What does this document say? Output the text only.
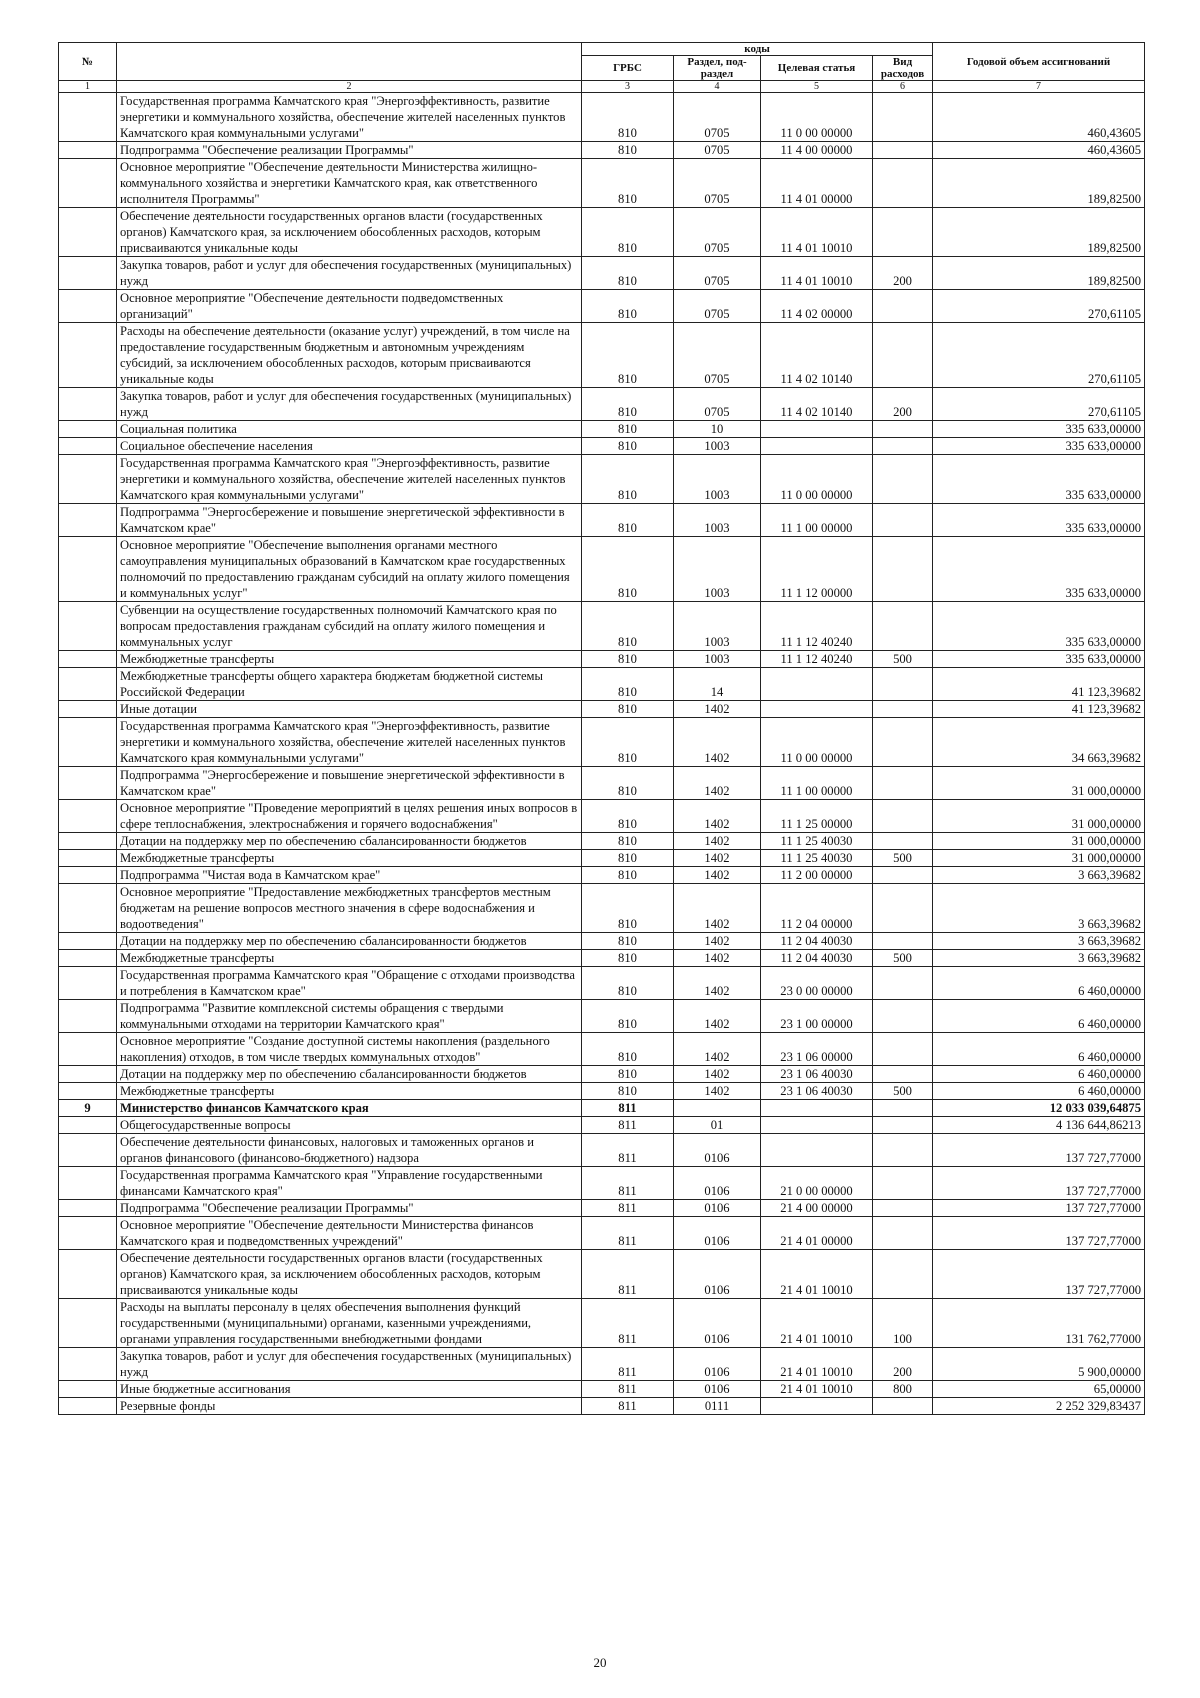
№		коды				Годовой объем ассигнований
		ГРБС	Раздел, под-раздел	Целевая статья	Вид расходов	
1	2	3	4	5	6	7
	Государственная программа Камчатского края "Энергоэффективность, развитие энергетики и коммунального хозяйства, обеспечение жителей населенных пунктов Камчатского края коммунальными услугами"	810	0705	11 0 00 00000		460,43605
	Подпрограмма "Обеспечение реализации Программы"	810	0705	11 4 00 00000		460,43605
	Основное мероприятие "Обеспечение деятельности Министерства жилищно-коммунального хозяйства и энергетики Камчатского края, как ответственного исполнителя Программы"	810	0705	11 4 01 00000		189,82500
	Обеспечение деятельности государственных органов власти (государственных органов) Камчатского края, за исключением обособленных расходов, которым присваиваются уникальные коды	810	0705	11 4 01 10010		189,82500
	Закупка товаров, работ и услуг для обеспечения государственных (муниципальных) нужд	810	0705	11 4 01 10010	200	189,82500
	Основное мероприятие "Обеспечение деятельности подведомственных организаций"	810	0705	11 4 02 00000		270,61105
	Расходы на обеспечение деятельности (оказание услуг) учреждений, в том числе на предоставление государственным бюджетным и автономным учреждениям субсидий, за исключением обособленных расходов, которым присваиваются уникальные коды	810	0705	11 4 02 10140		270,61105
	Закупка товаров, работ и услуг для обеспечения государственных (муниципальных) нужд	810	0705	11 4 02 10140	200	270,61105
	Социальная политика	810	10			335 633,00000
	Социальное обеспечение населения	810	1003			335 633,00000
	Государственная программа Камчатского края "Энергоэффективность, развитие энергетики и коммунального хозяйства, обеспечение жителей населенных пунктов Камчатского края коммунальными услугами"	810	1003	11 0 00 00000		335 633,00000
	Подпрограмма "Энергосбережение и повышение энергетической эффективности в Камчатском крае"	810	1003	11 1 00 00000		335 633,00000
	Основное мероприятие "Обеспечение выполнения органами местного самоуправления муниципальных образований в Камчатском крае государственных полномочий по предоставлению гражданам субсидий на оплату жилого помещения и коммунальных услуг"	810	1003	11 1 12 00000		335 633,00000
	Субвенции на осуществление государственных полномочий Камчатского края по вопросам предоставления гражданам субсидий на оплату жилого помещения и коммунальных услуг	810	1003	11 1 12 40240		335 633,00000
	Межбюджетные трансферты	810	1003	11 1 12 40240	500	335 633,00000
	Межбюджетные трансферты общего характера бюджетам бюджетной системы Российской Федерации	810	14			41 123,39682
	Иные дотации	810	1402			41 123,39682
	Государственная программа Камчатского края "Энергоэффективность, развитие энергетики и коммунального хозяйства, обеспечение жителей населенных пунктов Камчатского края коммунальными услугами"	810	1402	11 0 00 00000		34 663,39682
	Подпрограмма "Энергосбережение и повышение энергетической эффективности в Камчатском крае"	810	1402	11 1 00 00000		31 000,00000
	Основное мероприятие "Проведение мероприятий в целях решения иных вопросов в сфере теплоснабжения, электроснабжения и горячего водоснабжения"	810	1402	11 1 25 00000		31 000,00000
	Дотации на поддержку мер по обеспечению сбалансированности бюджетов	810	1402	11 1 25 40030		31 000,00000
	Межбюджетные трансферты	810	1402	11 1 25 40030	500	31 000,00000
	Подпрограмма "Чистая вода в Камчатском крае"	810	1402	11 2 00 00000		3 663,39682
	Основное мероприятие "Предоставление межбюджетных трансфертов местным бюджетам на решение вопросов местного значения в сфере водоснабжения и водоотведения"	810	1402	11 2 04 00000		3 663,39682
	Дотации на поддержку мер по обеспечению сбалансированности бюджетов	810	1402	11 2 04 40030		3 663,39682
	Межбюджетные трансферты	810	1402	11 2 04 40030	500	3 663,39682
	Государственная программа Камчатского края "Обращение с отходами производства и потребления в Камчатском крае"	810	1402	23 0 00 00000		6 460,00000
	Подпрограмма "Развитие комплексной системы обращения с твердыми коммунальными отходами на территории Камчатского края"	810	1402	23 1 00 00000		6 460,00000
	Основное мероприятие "Создание доступной системы накопления (раздельного накопления) отходов, в том числе твердых коммунальных отходов"	810	1402	23 1 06 00000		6 460,00000
	Дотации на поддержку мер по обеспечению сбалансированности бюджетов	810	1402	23 1 06 40030		6 460,00000
	Межбюджетные трансферты	810	1402	23 1 06 40030	500	6 460,00000
9	Министерство финансов Камчатского края	811				12 033 039,64875
	Общегосударственные вопросы	811	01			4 136 644,86213
	Обеспечение деятельности финансовых, налоговых и таможенных органов и органов финансового (финансово-бюджетного) надзора	811	0106			137 727,77000
	Государственная программа Камчатского края "Управление государственными финансами Камчатского края"	811	0106	21 0 00 00000		137 727,77000
	Подпрограмма "Обеспечение реализации Программы"	811	0106	21 4 00 00000		137 727,77000
	Основное мероприятие "Обеспечение деятельности Министерства финансов Камчатского края и подведомственных учреждений"	811	0106	21 4 01 00000		137 727,77000
	Обеспечение деятельности государственных органов власти (государственных органов) Камчатского края, за исключением обособленных расходов, которым присваиваются уникальные коды	811	0106	21 4 01 10010		137 727,77000
	Расходы на выплаты персоналу в целях обеспечения выполнения функций государственными (муниципальными) органами, казенными учреждениями, органами управления государственными внебюджетными фондами	811	0106	21 4 01 10010	100	131 762,77000
	Закупка товаров, работ и услуг для обеспечения государственных (муниципальных) нужд	811	0106	21 4 01 10010	200	5 900,00000
	Иные бюджетные ассигнования	811	0106	21 4 01 10010	800	65,00000
	Резервные фонды	811	0111			2 252 329,83437
20
